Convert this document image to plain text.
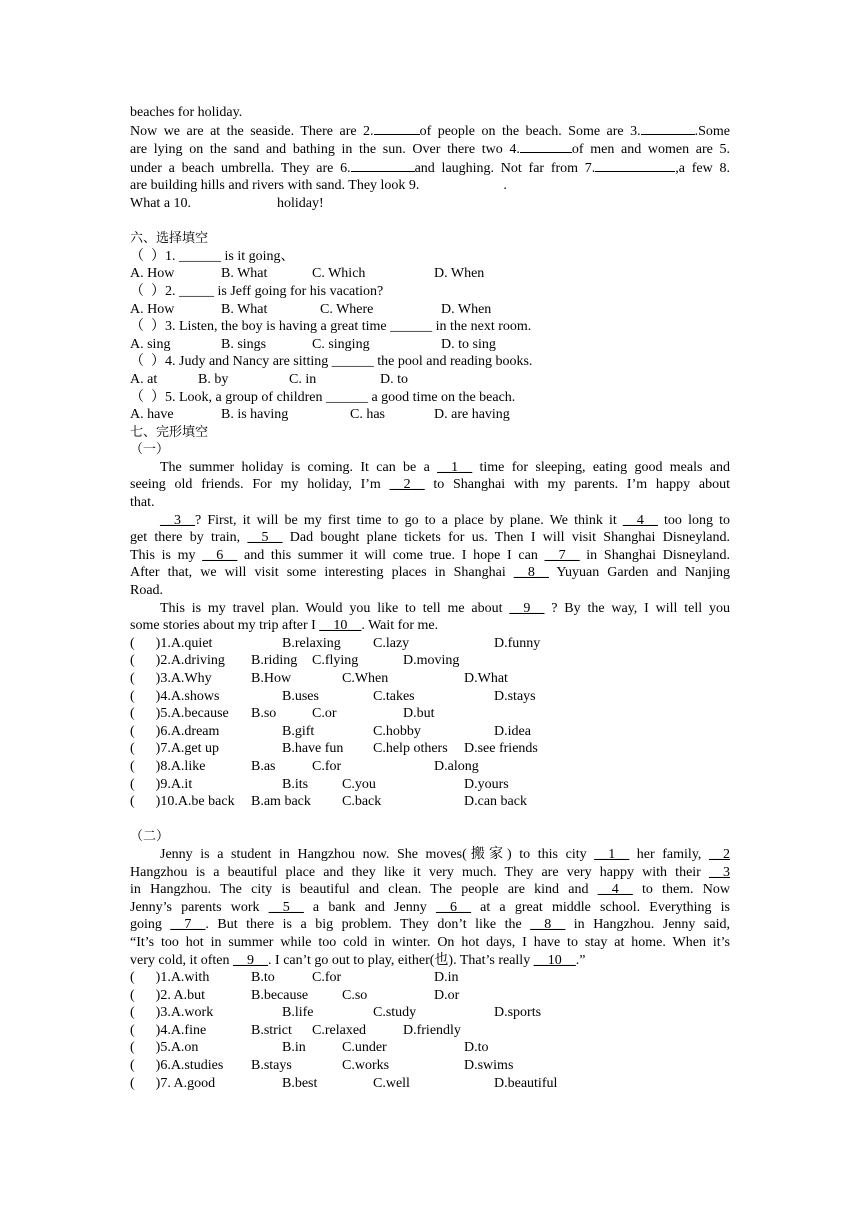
beaches for holiday.
Now we are at the seaside. There are 2.	of people on the beach. Some are 3.	.Some
are lying on the sand and bathing in the sun. Over there two 4.	of men and women are 5.
under a beach umbrella. They are 6.	and laughing. Not far from 7.	,a few 8.
are building hills and rivers with sand. They look 9.	.
What a 10.	holiday!
六、选择填空
（  ）1. ______ is it going、
A. How	B. What	C. Which	D. When
（  ）2. _____ is Jeff going for his vacation?
A. How	B. What	C. Where	D. When
（  ）3. Listen, the boy is having a great time ______ in the next room.
A. sing	B. sings	C. singing	D. to sing
（  ）4. Judy and Nancy are sitting ______ the pool and reading books.
A. at	B. by	C. in	D. to
（  ）5. Look, a group of children ______ a good time on the beach.
A. have	B. is having	C. has	D. are having
七、完形填空
（一）
The summer holiday is coming. It can be a __1__ time for sleeping, eating good meals and
seeing old friends. For my holiday, I’m __2__ to Shanghai with my parents. I’m happy about
that.
__3__? First, it will be my first time to go to a place by plane. We think it __4__ too long to
get there by train, __5__ Dad bought plane tickets for us. Then I will visit Shanghai Disneyland.
This is my __6__ and this summer it will come true. I hope I can __7__ in Shanghai Disneyland.
After that, we will visit some interesting places in Shanghai __8__ Yuyuan Garden and Nanjing
Road.
This is my travel plan. Would you like to tell me about __9__ ? By the way, I will tell you
some stories about my trip after I __10__. Wait for me.
(      )1.A.quiet	B.relaxing C.lazy	D.funny
(      )2.A.driving B.riding C.flying	D.moving
(      )3.A.Why	B.How	C.When	D.What
(      )4.A.shows	B.uses	C.takes	D.stays
(      )5.A.because B.so	C.or	D.but
(      )6.A.dream	B.gift	C.hobby	D.idea
(      )7.A.get up	B.have fun C.help others D.see friends
(      )8.A.like	B.as	C.for	D.along
(      )9.A.it	B.its C.you	D.yours
(      )10.A.be back B.am back C.back	D.can back
（二）
Jenny is a student in Hangzhou now. She moves(搬家) to this city __1__ her family, __2
Hangzhou is a beautiful place and they like it very much. They are very happy with their __3
in Hangzhou. The city is beautiful and clean. The people are kind and __4__ to them. Now
Jenny’s parents work __5__ a bank and Jenny __6__ at a great middle school. Everything is
going __7__. But there is a big problem. They don’t like the __8__ in Hangzhou. Jenny said,
“It’s too hot in summer while too cold in winter. On hot days, I have to stay at home. When it’s
very cold, it often __9__. I can’t go out to play, either(也). That’s really __10__.”
(      )1.A.with	B.to	C.for	D.in
(      )2. A.but	B.because C.so	D.or
(      )3.A.work	B.life	C.study	D.sports
(      )4.A.fine	B.strict C.relaxed	D.friendly
(      )5.A.on	B.in	C.under	D.to
(      )6.A.studies B.stays	C.works	D.swims
(      )7. A.good	B.best	C.well	D.beautiful
